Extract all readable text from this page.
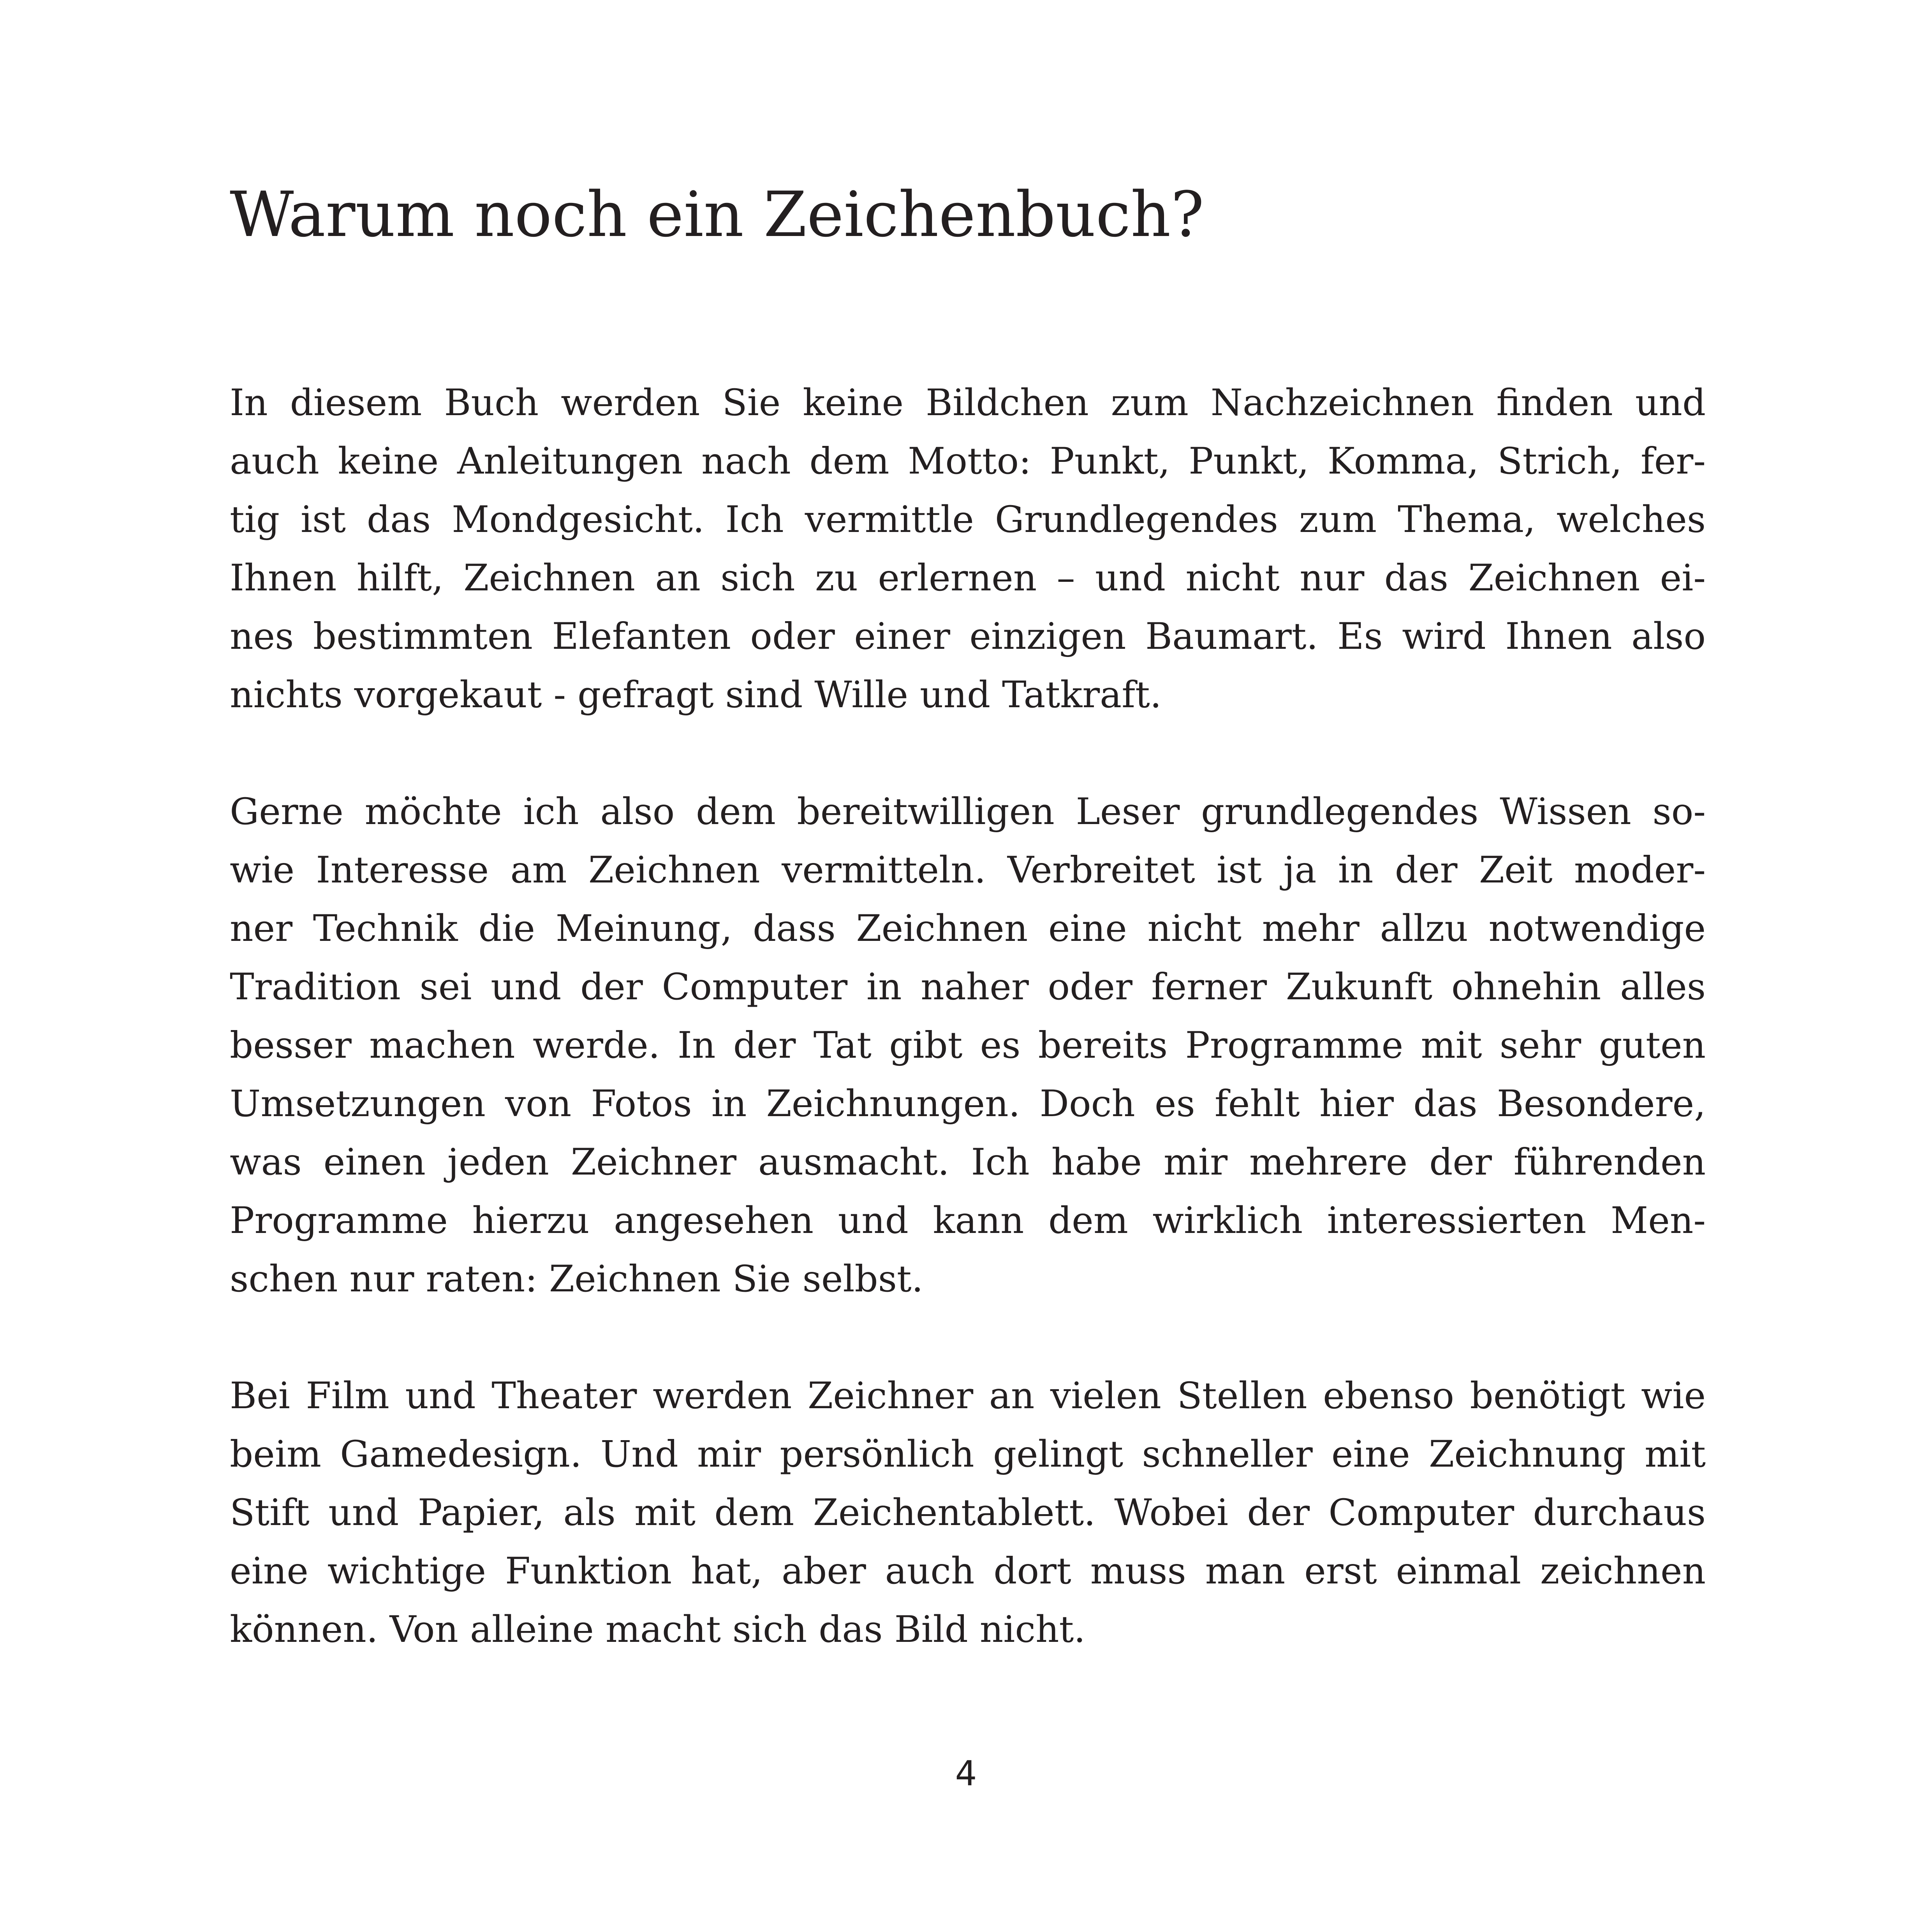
Warum noch ein Zeichenbuch?
In diesem Buch werden Sie keine Bildchen zum Nachzeichnen finden und
auch keine Anleitungen nach dem Motto: Punkt, Punkt, Komma, Strich, fer-
tig ist das Mondgesicht. Ich vermittle Grundlegendes zum Thema, welches
Ihnen hilft, Zeichnen an sich zu erlernen – und nicht nur das Zeichnen ei-
nes bestimmten Elefanten oder einer einzigen Baumart. Es wird Ihnen also
nichts vorgekaut - gefragt sind Wille und Tatkraft.
Gerne möchte ich also dem bereitwilligen Leser grundlegendes Wissen so-
wie Interesse am Zeichnen vermitteln. Verbreitet ist ja in der Zeit moder-
ner Technik die Meinung, dass Zeichnen eine nicht mehr allzu notwendige
Tradition sei und der Computer in naher oder ferner Zukunft ohnehin alles
besser machen werde. In der Tat gibt es bereits Programme mit sehr guten
Umsetzungen von Fotos in Zeichnungen. Doch es fehlt hier das Besondere,
was einen jeden Zeichner ausmacht. Ich habe mir mehrere der führenden
Programme hierzu angesehen und kann dem wirklich interessierten Men-
schen nur raten: Zeichnen Sie selbst.
Bei Film und Theater werden Zeichner an vielen Stellen ebenso benötigt wie
beim Gamedesign. Und mir persönlich gelingt schneller eine Zeichnung mit
Stift und Papier, als mit dem Zeichentablett. Wobei der Computer durchaus
eine wichtige Funktion hat, aber auch dort muss man erst einmal zeichnen
können. Von alleine macht sich das Bild nicht.
4
